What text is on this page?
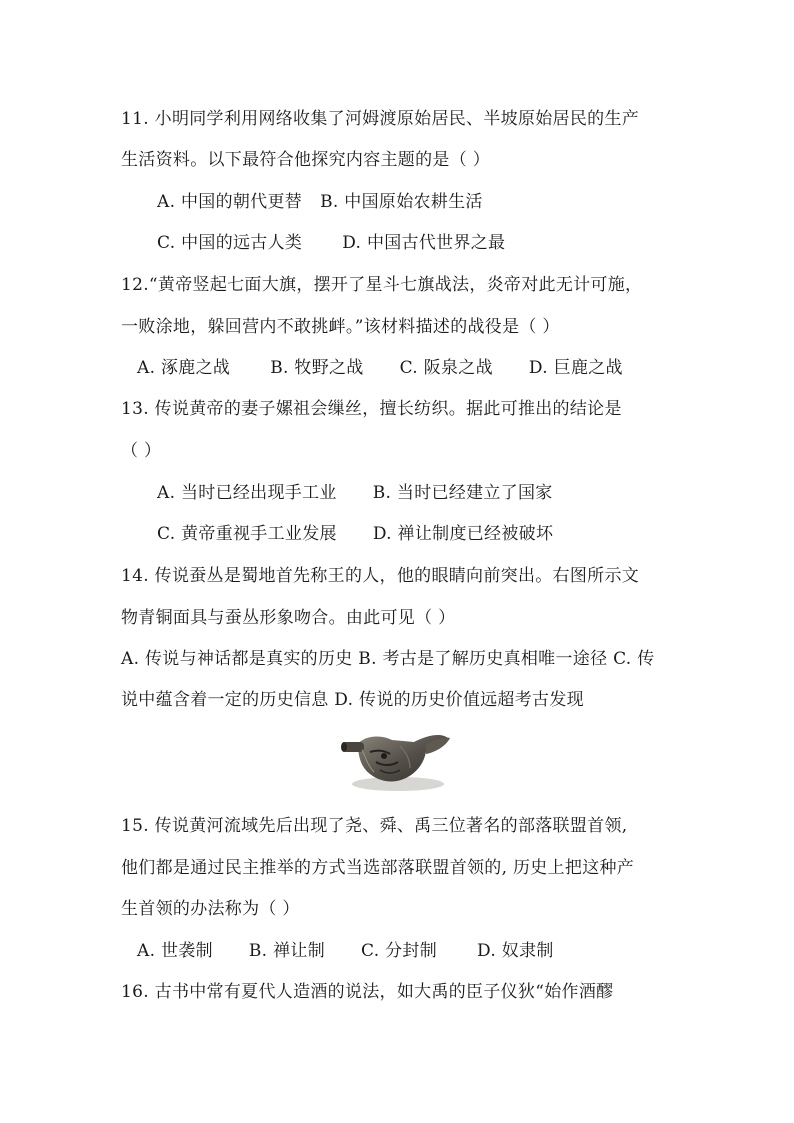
11. 小明同学利用网络收集了河姆渡原始居民、半坡原始居民的生产
生活资料。以下最符合他探究内容主题的是（ ）
A. 中国的朝代更替 B. 中国原始农耕生活
C. 中国的远古人类 D. 中国古代世界之最
12.“黄帝竖起七面大旗，摆开了星斗七旗战法，炎帝对此无计可施，
一败涂地，躲回营内不敢挑衅。”该材料描述的战役是（ ）
A. 涿鹿之战 B. 牧野之战 C. 阪泉之战 D. 巨鹿之战
13. 传说黄帝的妻子嫘祖会缫丝，擅长纺织。据此可推出的结论是
（ ）
A. 当时已经出现手工业 B. 当时已经建立了国家
C. 黄帝重视手工业发展 D. 禅让制度已经被破坏
14. 传说蚕丛是蜀地首先称王的人，他的眼睛向前突出。右图所示文
物青铜面具与蚕丛形象吻合。由此可见（ ）
A. 传说与神话都是真实的历史 B. 考古是了解历史真相唯一途径 C. 传
说中蕴含着一定的历史信息 D. 传说的历史价值远超考古发现
15. 传说黄河流域先后出现了尧、舜、禹三位著名的部落联盟首领,
他们都是通过民主推举的方式当选部落联盟首领的, 历史上把这种产
生首领的办法称为（ ）
A. 世袭制 B. 禅让制 C. 分封制 D. 奴隶制
16. 古书中常有夏代人造酒的说法，如大禹的臣子仪狄“始作酒醪
